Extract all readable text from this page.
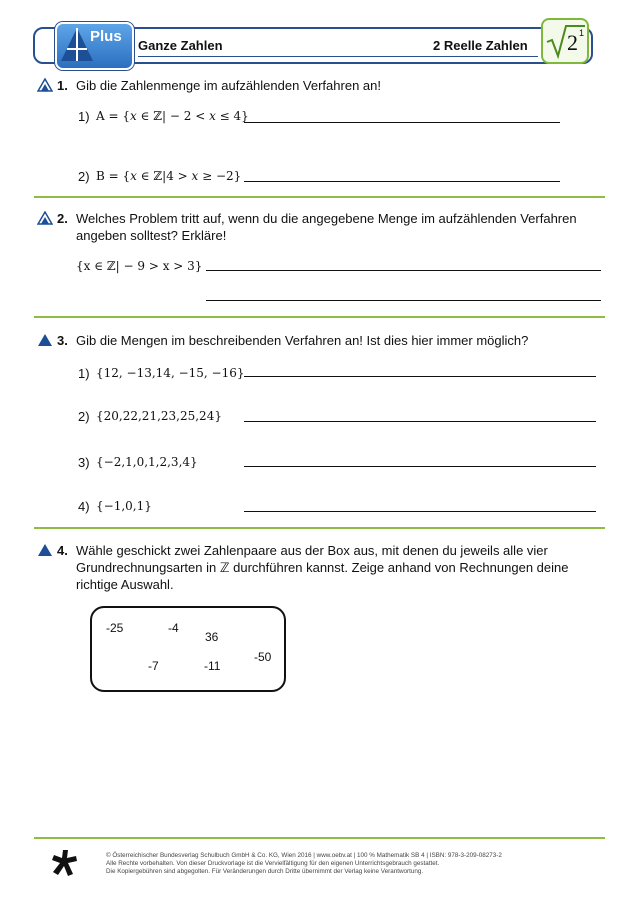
Plus
Ganze Zahlen	2 Reelle Zahlen 2 1
1. Gib die Zahlenmenge im aufzählenden Verfahren an!
1) A = {𝑥 ∈ ℤ| − 2 < 𝑥 ≤ 4}
2) B = {𝑥 ∈ ℤ|4 > 𝑥 ≥ −2}
2. Welches Problem tritt auf, wenn du die angegebene Menge im aufzählenden Verfahren
angeben solltest? Erkläre!
{x ∈ ℤ| − 9 > x > 3}
3. Gib die Mengen im beschreibenden Verfahren an! Ist dies hier immer möglich?
1) {12, −13,14, −15, −16}
2) {20,22,21,23,25,24}
3) {−2,1,0,1,2,3,4}
4) {−1,0,1}
4. Wähle geschickt zwei Zahlenpaare aus der Box aus, mit denen du jeweils alle vier
Grundrechnungsarten in ℤ durchführen kannst. Zeige anhand von Rechnungen deine
richtige Auswahl.
-25	-4
36
-50
-7	-11
© Österreichischer Bundesverlag Schulbuch GmbH & Co. KG, Wien 2016 | www.oebv.at | 100 % Mathematik SB 4 | ISBN: 978-3-209-08273-2
Alle Rechte vorbehalten. Von dieser Druckvorlage ist die Vervielfältigung für den eigenen Unterrichtsgebrauch gestattet.
Die Kopiergebühren sind abgegolten. Für Veränderungen durch Dritte übernimmt der Verlag keine Verantwortung.
